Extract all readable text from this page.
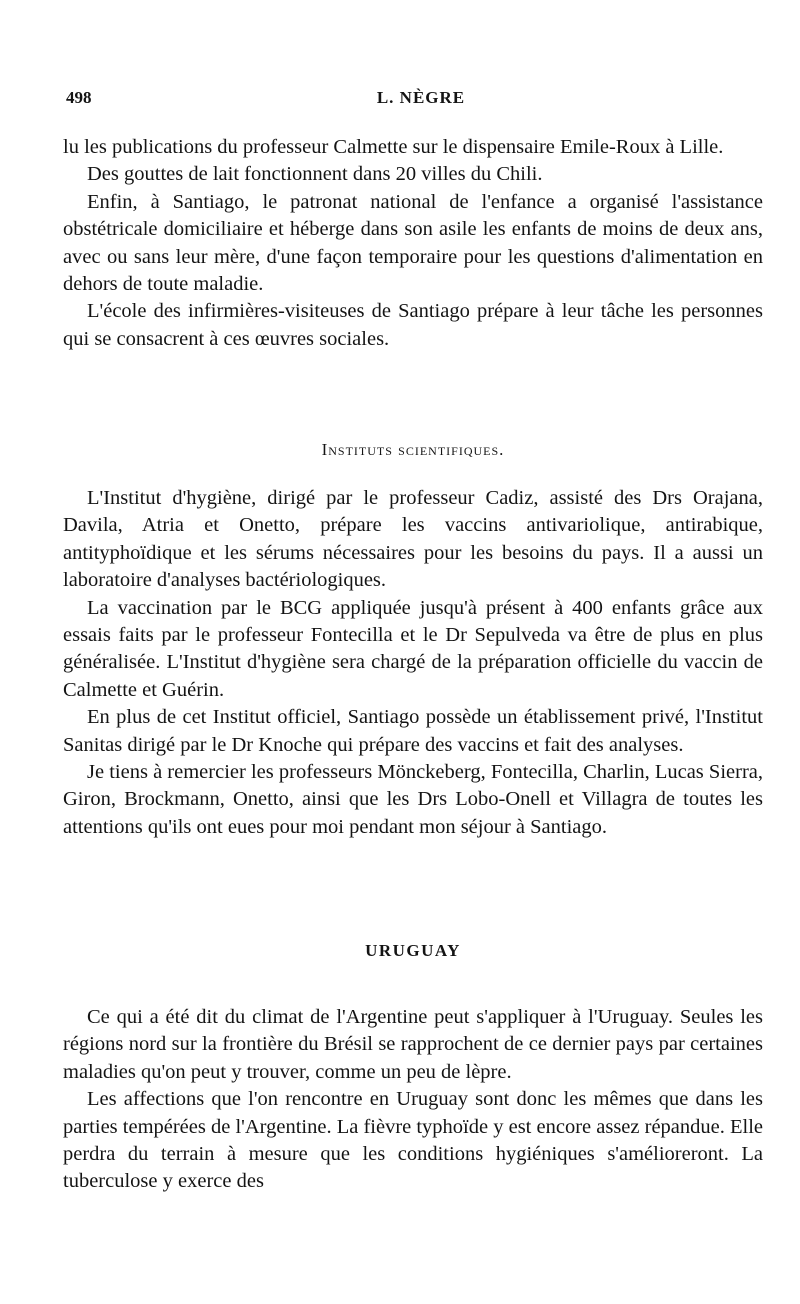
498	L. NÈGRE

lu les publications du professeur Calmette sur le dispensaire Emile-Roux à Lille.

Des gouttes de lait fonctionnent dans 20 villes du Chili.

Enfin, à Santiago, le patronat national de l'enfance a organisé l'assistance obstétricale domiciliaire et héberge dans son asile les enfants de moins de deux ans, avec ou sans leur mère, d'une façon temporaire pour les questions d'alimentation en dehors de toute maladie.

L'école des infirmières-visiteuses de Santiago prépare à leur tâche les personnes qui se consacrent à ces œuvres sociales.

Instituts scientifiques.

L'Institut d'hygiène, dirigé par le professeur Cadiz, assisté des Drs Orajana, Davila, Atria et Onetto, prépare les vaccins antivariolique, antirabique, antityphoïdique et les sérums nécessaires pour les besoins du pays. Il a aussi un laboratoire d'analyses bactériologiques.

La vaccination par le BCG appliquée jusqu'à présent à 400 enfants grâce aux essais faits par le professeur Fontecilla et le Dr Sepulveda va être de plus en plus généralisée. L'Institut d'hygiène sera chargé de la préparation officielle du vaccin de Calmette et Guérin.

En plus de cet Institut officiel, Santiago possède un établissement privé, l'Institut Sanitas dirigé par le Dr Knoche qui prépare des vaccins et fait des analyses.

Je tiens à remercier les professeurs Mönckeberg, Fontecilla, Charlin, Lucas Sierra, Giron, Brockmann, Onetto, ainsi que les Drs Lobo-Onell et Villagra de toutes les attentions qu'ils ont eues pour moi pendant mon séjour à Santiago.

URUGUAY

Ce qui a été dit du climat de l'Argentine peut s'appliquer à l'Uruguay. Seules les régions nord sur la frontière du Brésil se rapprochent de ce dernier pays par certaines maladies qu'on peut y trouver, comme un peu de lèpre.

Les affections que l'on rencontre en Uruguay sont donc les mêmes que dans les parties tempérées de l'Argentine. La fièvre typhoïde y est encore assez répandue. Elle perdra du terrain à mesure que les conditions hygiéniques s'amélioreront. La tuberculose y exerce des
